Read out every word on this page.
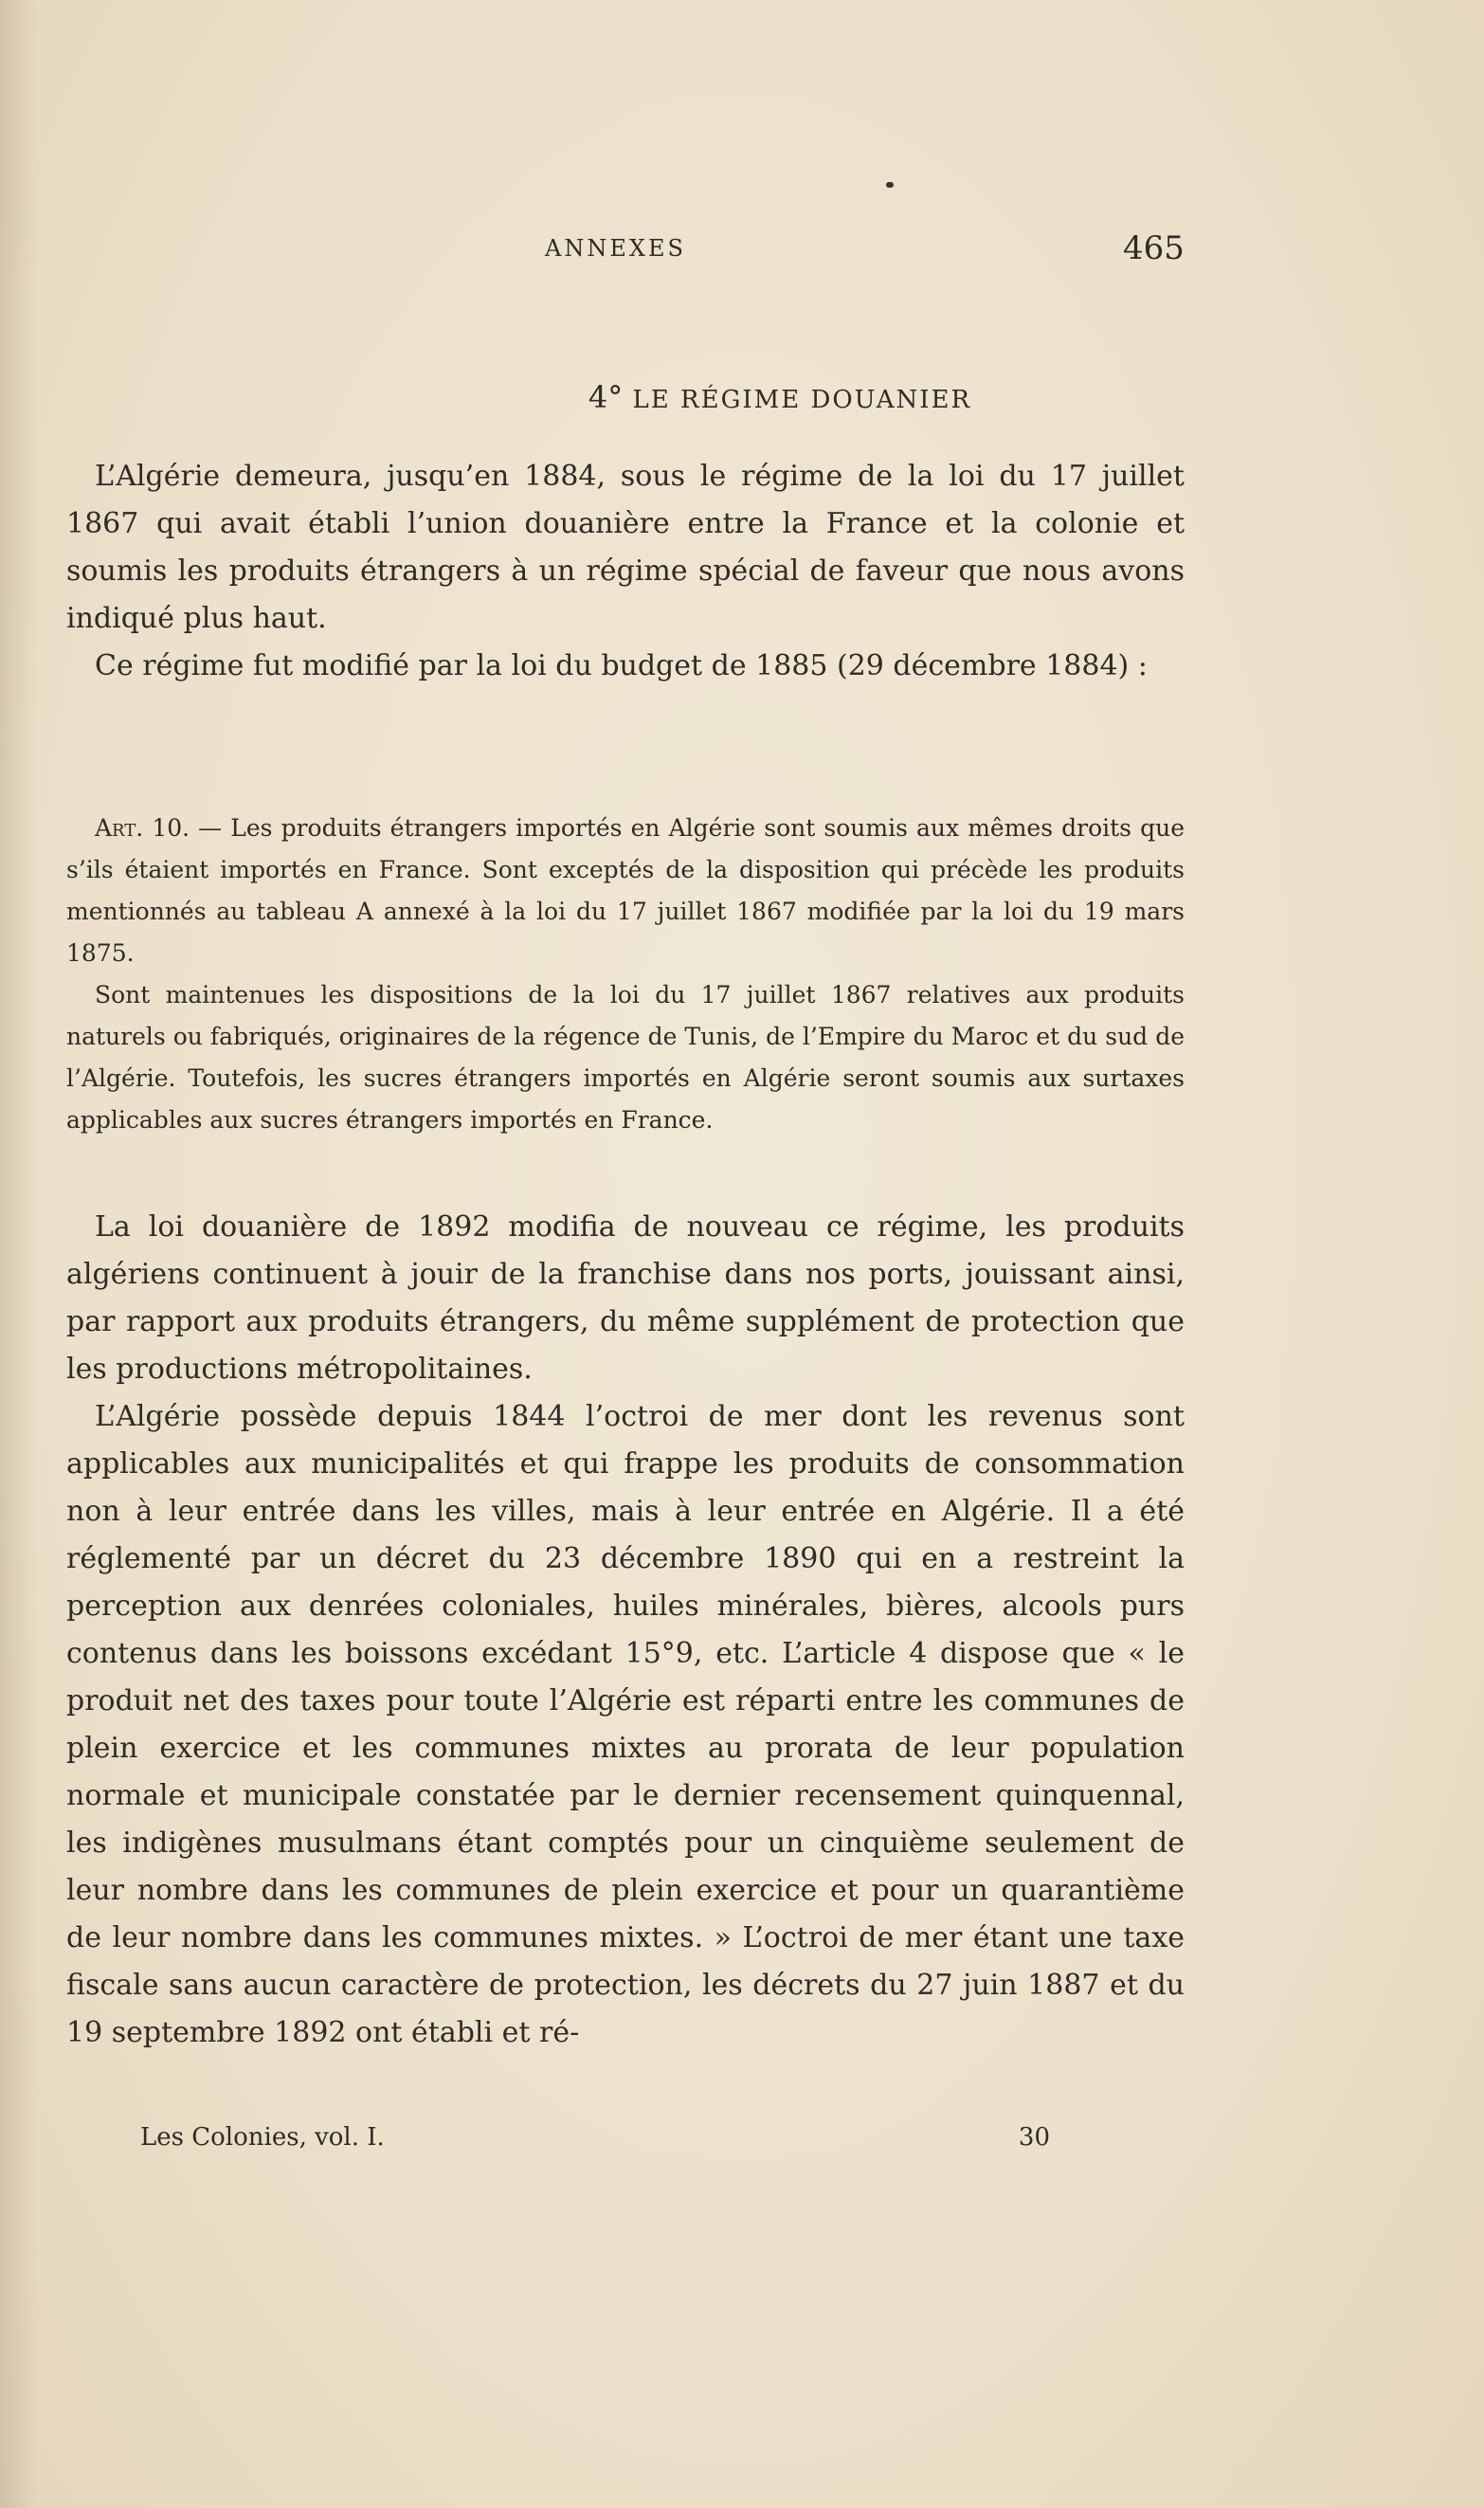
ANNEXES	465
4° LE RÉGIME DOUANIER

L’Algérie demeura, jusqu’en 1884, sous le régime de la loi du 17 juillet 1867 qui avait établi l’union douanière entre la France et la colonie et soumis les produits étrangers à un régime spécial de faveur que nous avons indiqué plus haut.

Ce régime fut modifié par la loi du budget de 1885 (29 décembre 1884) :

Art. 10. — Les produits étrangers importés en Algérie sont soumis aux mêmes droits que s’ils étaient importés en France. Sont exceptés de la disposition qui précède les produits mentionnés au tableau A annexé à la loi du 17 juillet 1867 modifiée par la loi du 19 mars 1875.

Sont maintenues les dispositions de la loi du 17 juillet 1867 relatives aux produits naturels ou fabriqués, originaires de la régence de Tunis, de l’Empire du Maroc et du sud de l’Algérie. Toutefois, les sucres étrangers importés en Algérie seront soumis aux surtaxes applicables aux sucres étrangers importés en France.

La loi douanière de 1892 modifia de nouveau ce régime, les produits algériens continuent à jouir de la franchise dans nos ports, jouissant ainsi, par rapport aux produits étrangers, du même supplément de protection que les productions métropolitaines.

L’Algérie possède depuis 1844 l’octroi de mer dont les revenus sont applicables aux municipalités et qui frappe les produits de consommation non à leur entrée dans les villes, mais à leur entrée en Algérie. Il a été réglementé par un décret du 23 décembre 1890 qui en a restreint la perception aux denrées coloniales, huiles minérales, bières, alcools purs contenus dans les boissons excédant 15°9, etc. L’article 4 dispose que « le produit net des taxes pour toute l’Algérie est réparti entre les communes de plein exercice et les communes mixtes au prorata de leur population normale et municipale constatée par le dernier recensement quinquennal, les indigènes musulmans étant comptés pour un cinquième seulement de leur nombre dans les communes de plein exercice et pour un quarantième de leur nombre dans les communes mixtes. » L’octroi de mer étant une taxe fiscale sans aucun caractère de protection, les décrets du 27 juin 1887 et du 19 septembre 1892 ont établi et ré-

Les Colonies, vol. I.	30
